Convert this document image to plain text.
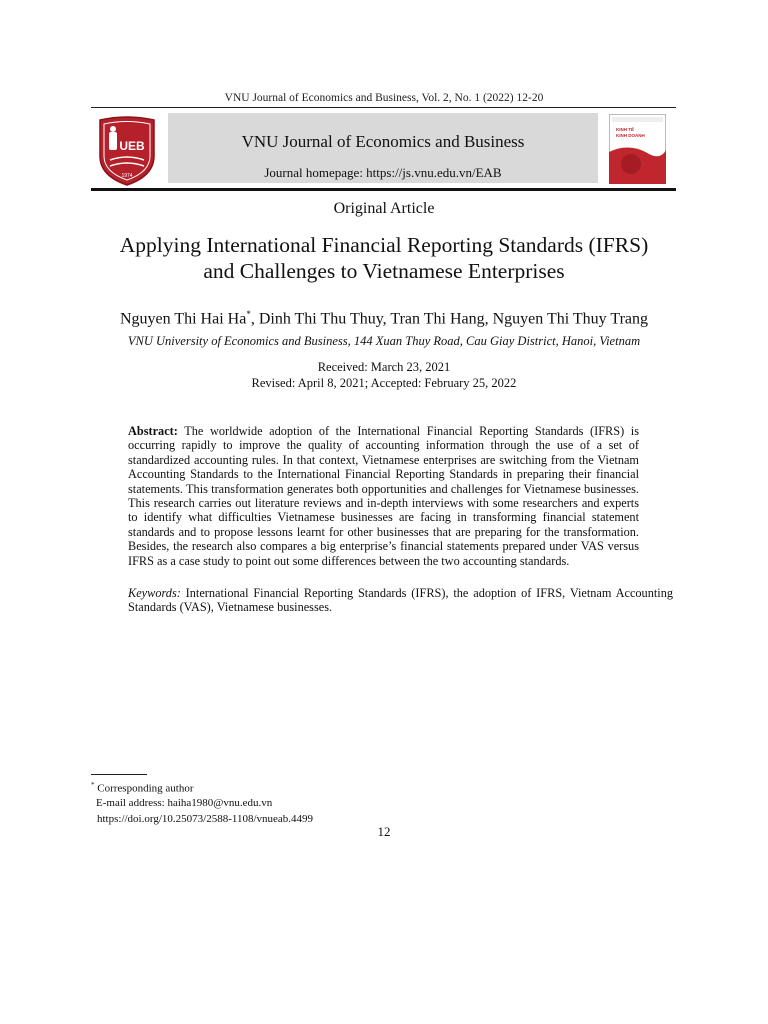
VNU Journal of Economics and Business, Vol. 2, No. 1 (2022) 12-20
UEB
1974
VNU Journal of Economics and Business
Journal homepage: https://js.vnu.edu.vn/EAB
KINH TẾ
KINH DOANH
Original Article
Applying International Financial Reporting Standards (IFRS)
and Challenges to Vietnamese Enterprises
Nguyen Thi Hai Ha*, Dinh Thi Thu Thuy, Tran Thi Hang, Nguyen Thi Thuy Trang
VNU University of Economics and Business, 144 Xuan Thuy Road, Cau Giay District, Hanoi, Vietnam
Received: March 23, 2021
Revised: April 8, 2021; Accepted: February 25, 2022
Abstract: The worldwide adoption of the International Financial Reporting Standards (IFRS) is occurring rapidly to improve the quality of accounting information through the use of a set of standardized accounting rules. In that context, Vietnamese enterprises are switching from the Vietnam Accounting Standards to the International Financial Reporting Standards in preparing their financial statements. This transformation generates both opportunities and challenges for Vietnamese businesses. This research carries out literature reviews and in-depth interviews with some researchers and experts to identify what difficulties Vietnamese businesses are facing in transforming financial statement standards and to propose lessons learnt for other businesses that are preparing for the transformation. Besides, the research also compares a big enterprise’s financial statements prepared under VAS versus IFRS as a case study to point out some differences between the two accounting standards.
Keywords: International Financial Reporting Standards (IFRS), the adoption of IFRS, Vietnam Accounting Standards (VAS), Vietnamese businesses.
* Corresponding author
E-mail address: haiha1980@vnu.edu.vn
https://doi.org/10.25073/2588-1108/vnueab.4499
12
